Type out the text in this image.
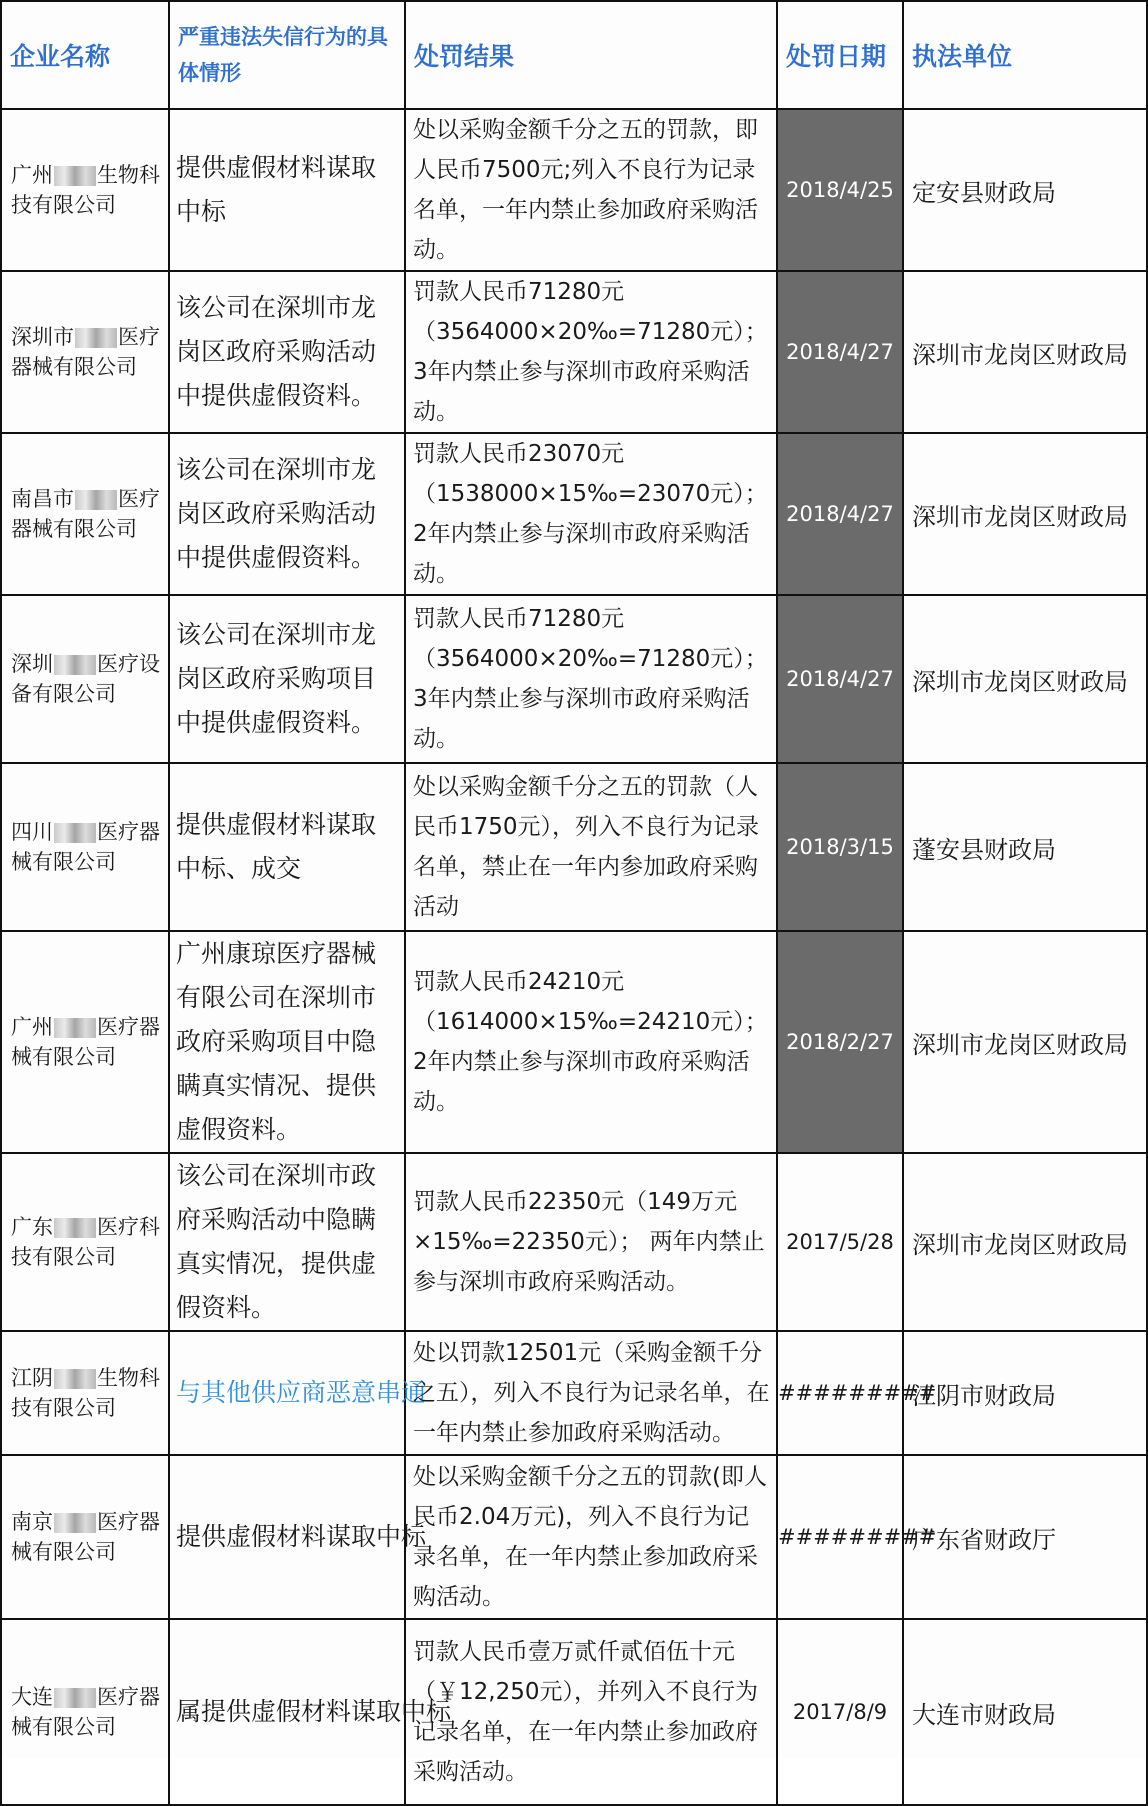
企业名称	严重违法失信行为的具体情形	处罚结果	处罚日期	执法单位
广州 生物科技有限公司	提供虚假材料谋取中标	处以采购金额千分之五的罚款，即人民币7500元;列入不良行为记录名单，一年内禁止参加政府采购活动。	2018/4/25	定安县财政局
深圳市 医疗器械有限公司	该公司在深圳市龙岗区政府采购活动中提供虚假资料。	罚款人民币71280元（3564000×20‰=71280元）； 3年内禁止参与深圳市政府采购活动。	2018/4/27	深圳市龙岗区财政局
南昌市 医疗器械有限公司	该公司在深圳市龙岗区政府采购活动中提供虚假资料。	罚款人民币23070元（1538000×15‰=23070元）；2年内禁止参与深圳市政府采购活动。	2018/4/27	深圳市龙岗区财政局
深圳 医疗设备有限公司	该公司在深圳市龙岗区政府采购项目中提供虚假资料。	罚款人民币71280元（3564000×20‰=71280元）； 3年内禁止参与深圳市政府采购活动。	2018/4/27	深圳市龙岗区财政局
四川 医疗器械有限公司	提供虚假材料谋取中标、成交	处以采购金额千分之五的罚款（人民币1750元），列入不良行为记录名单，禁止在一年内参加政府采购活动	2018/3/15	蓬安县财政局
广州 医疗器械有限公司	广州康琼医疗器械有限公司在深圳市政府采购项目中隐瞒真实情况、提供虚假资料。	罚款人民币24210元（1614000×15‰=24210元）； 2年内禁止参与深圳市政府采购活动。	2018/2/27	深圳市龙岗区财政局
广东 医疗科技有限公司	该公司在深圳市政府采购活动中隐瞒真实情况，提供虚假资料。	罚款人民币22350元（149万元×15‰=22350元）； 两年内禁止参与深圳市政府采购活动。	2017/5/28	深圳市龙岗区财政局
江阴 生物科技有限公司	与其他供应商恶意串通	处以罚款12501元（采购金额千分之五），列入不良行为记录名单，在一年内禁止参加政府采购活动。	#########	江阴市财政局
南京 医疗器械有限公司	提供虚假材料谋取中标	处以采购金额千分之五的罚款(即人民币2.04万元)，列入不良行为记录名单，在一年内禁止参加政府采购活动。	#########	广东省财政厅
大连 医疗器械有限公司	属提供虚假材料谋取中标	罚款人民币壹万贰仟贰佰伍十元（￥12,250元），并列入不良行为记录名单，在一年内禁止参加政府采购活动。	2017/8/9	大连市财政局
